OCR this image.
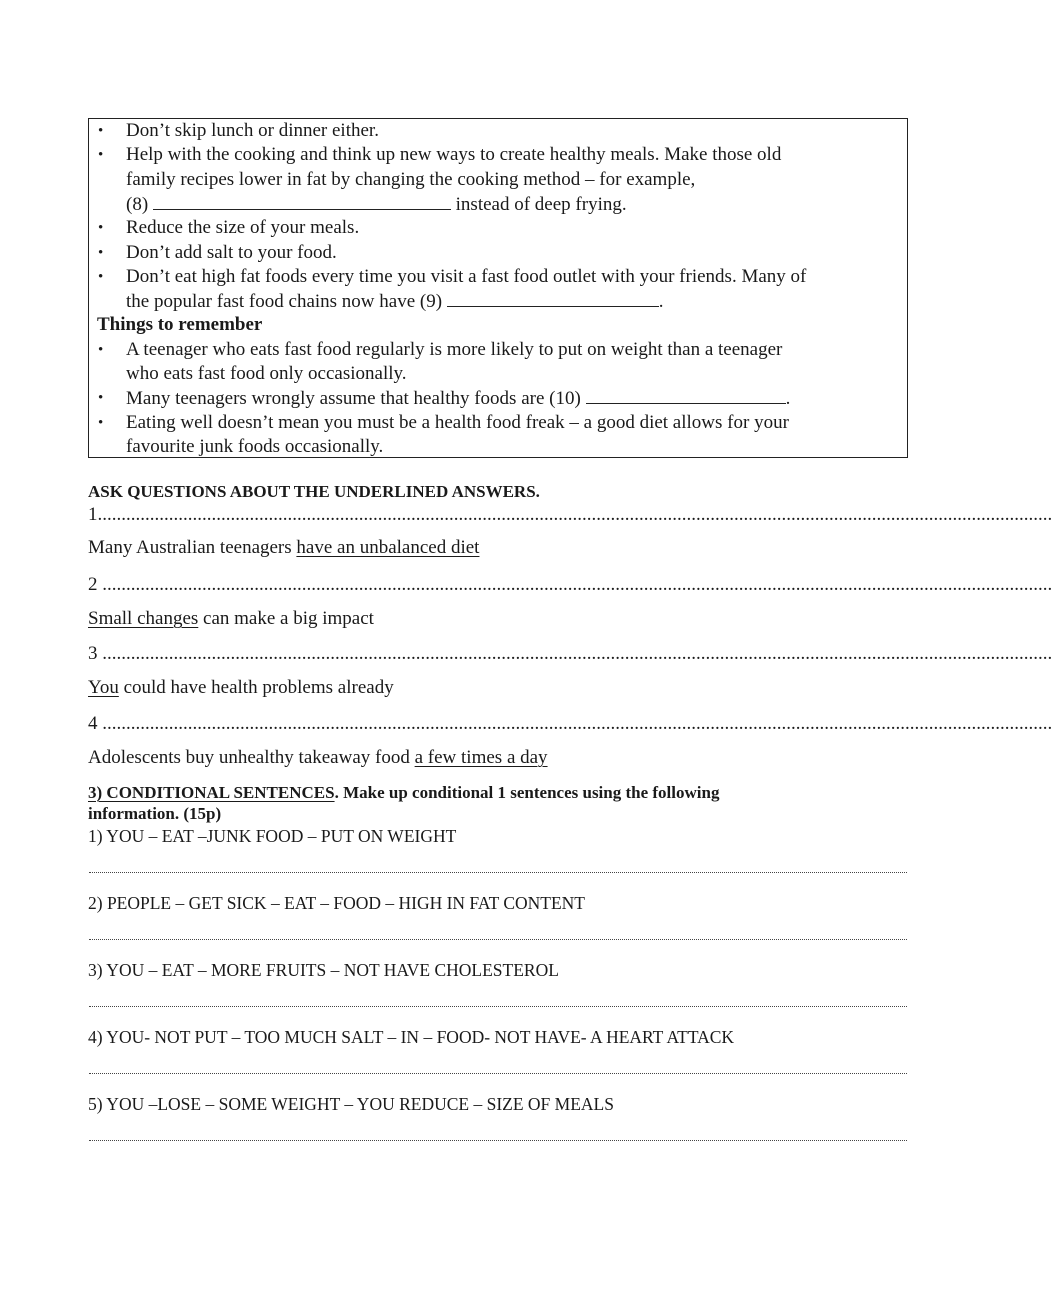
• Don’t skip lunch or dinner either.
• Help with the cooking and think up new ways to create healthy meals. Make those old
family recipes lower in fat by changing the cooking method – for example,
(8)	instead of deep frying.
• Reduce the size of your meals.
• Don’t add salt to your food.
• Don’t eat high fat foods every time you visit a fast food outlet with your friends. Many of
the popular fast food chains now have (9)	.
Things to remember
• A teenager who eats fast food regularly is more likely to put on weight than a teenager
who eats fast food only occasionally.
• Many teenagers wrongly assume that healthy foods are (10)	.
• Eating well doesn’t mean you must be a health food freak – a good diet allows for your
favourite junk foods occasionally.
ASK QUESTIONS ABOUT THE UNDERLINED ANSWERS.
1.........................................................................................................................................................................................................
Many Australian teenagers have an unbalanced diet
2 ........................................................................................................................................................................................................
Small changes can make a big impact
3 ........................................................................................................................................................................................................
You could have health problems already
4 ........................................................................................................................................................................................................
Adolescents buy unhealthy takeaway food a few times a day
3) CONDITIONAL SENTENCES. Make up conditional 1 sentences using the following
information. (15p)
1) YOU – EAT –JUNK FOOD – PUT ON WEIGHT
2) PEOPLE – GET SICK – EAT – FOOD – HIGH IN FAT CONTENT
3) YOU – EAT – MORE FRUITS – NOT HAVE CHOLESTEROL
4) YOU- NOT PUT – TOO MUCH SALT – IN – FOOD- NOT HAVE- A HEART ATTACK
5) YOU –LOSE – SOME WEIGHT – YOU REDUCE – SIZE OF MEALS
